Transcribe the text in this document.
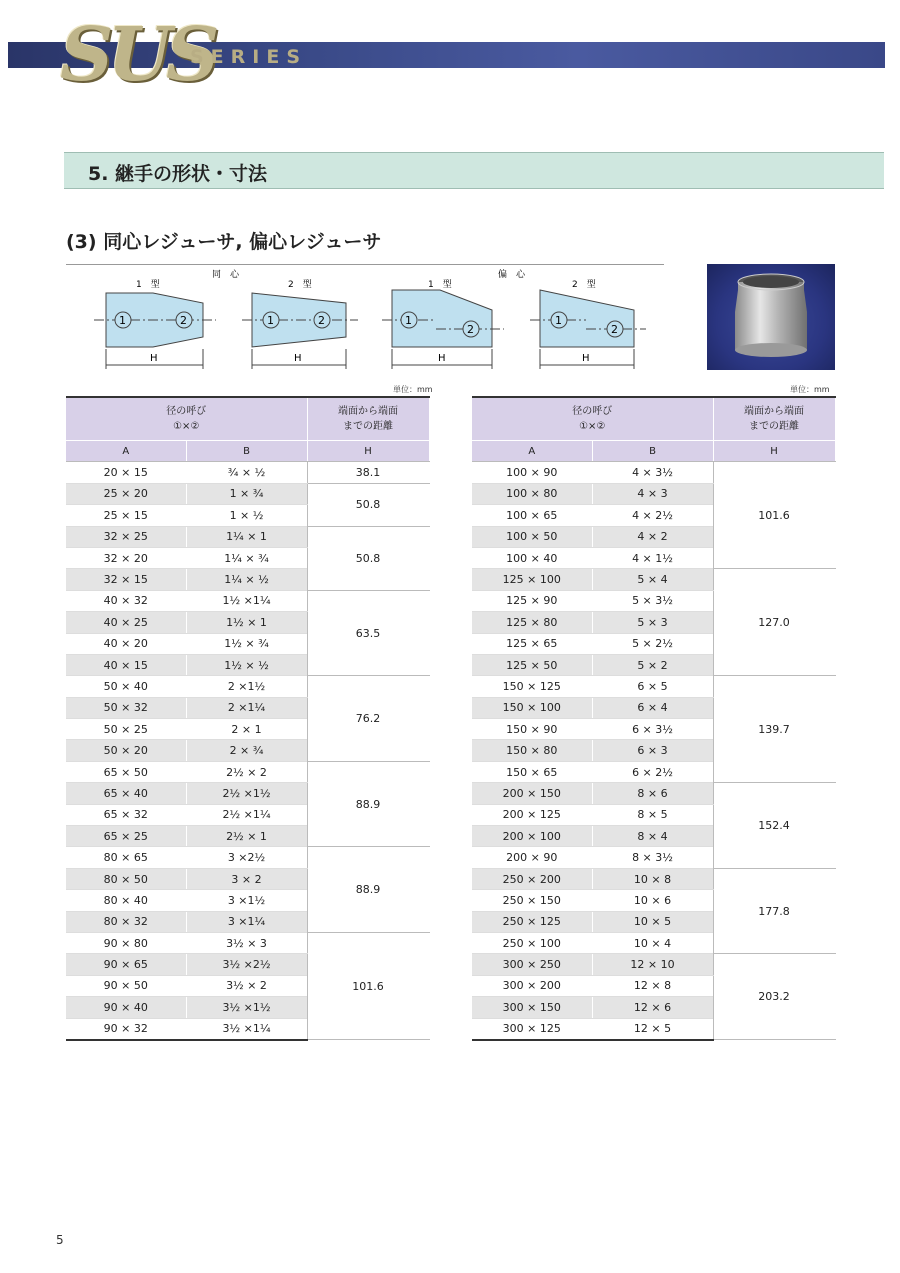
SUS
SERIES
5. 継手の形状・寸法
(3) 同心レジューサ, 偏心レジューサ
1　型
1	2
H
同　心
2　型
1	2
H
1　型
1
2
H
偏　心
2　型
1
2
H
単位：mm	単位：mm
径の呼び
①×②		端面から端面
までの距離
A	B	H
20 × 15	¾ × ½	38.1
25 × 20	1 × ¾	50.8
25 × 15	1 × ½	
32 × 25	1¼ × 1	50.8
32 × 20	1¼ × ¾	
32 × 15	1¼ × ½	
40 × 32	1½ ×1¼	63.5
40 × 25	1½ × 1	
40 × 20	1½ × ¾	
40 × 15	1½ × ½	
50 × 40	2 ×1½	76.2
50 × 32	2 ×1¼	
50 × 25	2 × 1	
50 × 20	2 × ¾	
65 × 50	2½ × 2	88.9
65 × 40	2½ ×1½	
65 × 32	2½ ×1¼	
65 × 25	2½ × 1	
80 × 65	3 ×2½	88.9
80 × 50	3 × 2	
80 × 40	3 ×1½	
80 × 32	3 ×1¼	
90 × 80	3½ × 3	101.6
90 × 65	3½ ×2½	
90 × 50	3½ × 2	
90 × 40	3½ ×1½	
90 × 32	3½ ×1¼	
径の呼び
①×②		端面から端面
までの距離
A	B	H
100 × 90	4 × 3½	101.6
100 × 80	4 × 3	
100 × 65	4 × 2½	
100 × 50	4 × 2	
100 × 40	4 × 1½	
125 × 100	5 × 4	127.0
125 × 90	5 × 3½	
125 × 80	5 × 3	
125 × 65	5 × 2½	
125 × 50	5 × 2	
150 × 125	6 × 5	139.7
150 × 100	6 × 4	
150 × 90	6 × 3½	
150 × 80	6 × 3	
150 × 65	6 × 2½	
200 × 150	8 × 6	152.4
200 × 125	8 × 5	
200 × 100	8 × 4	
200 × 90	8 × 3½	
250 × 200	10 × 8	177.8
250 × 150	10 × 6	
250 × 125	10 × 5	
250 × 100	10 × 4	
300 × 250	12 × 10	203.2
300 × 200	12 × 8	
300 × 150	12 × 6	
300 × 125	12 × 5	
5
